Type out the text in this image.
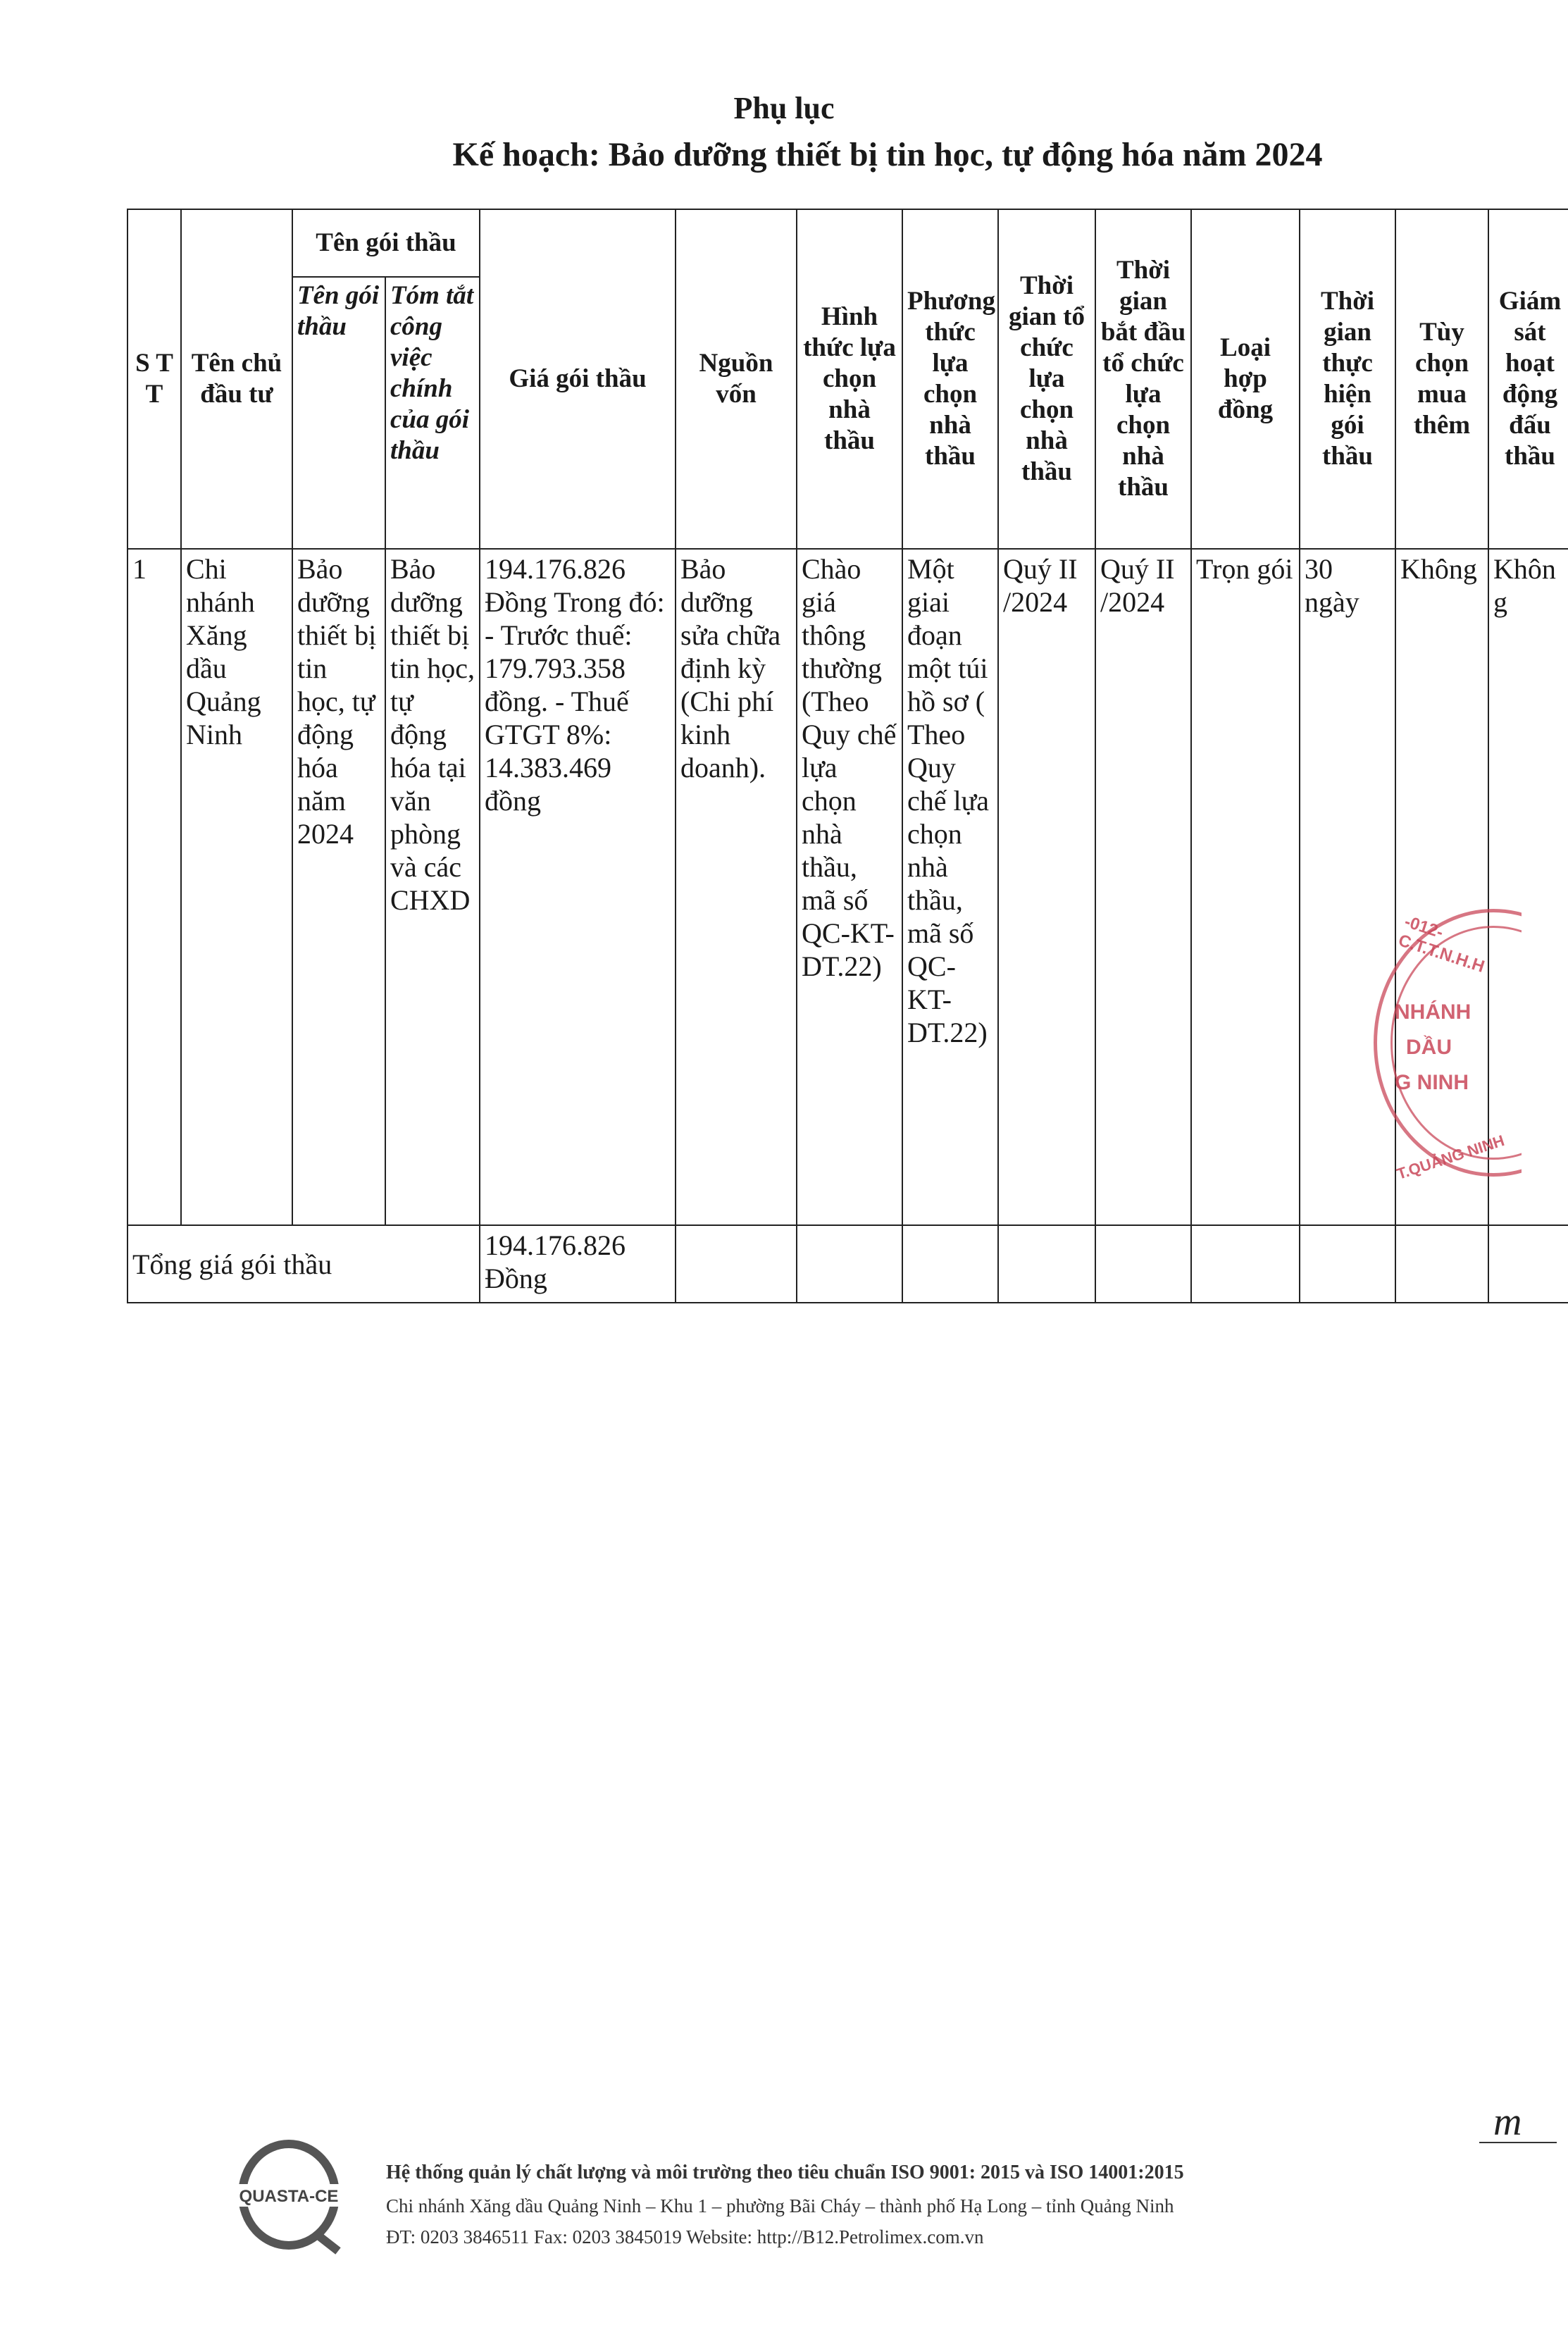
Phụ lục
Kế hoạch: Bảo dưỡng thiết bị tin học, tự động hóa năm 2024
S T T	Tên chủ đầu tư	Tên gói thầu		Giá gói thầu	Nguồn vốn	Hình thức lựa chọn nhà thầu	Phương thức lựa chọn nhà thầu	Thời gian tổ chức lựa chọn nhà thầu	Thời gian bắt đầu tổ chức lựa chọn nhà thầu	Loại hợp đồng	Thời gian thực hiện gói thầu	Tùy chọn mua thêm	Giám sát hoạt động đấu thầu
		Tên gói thầu	Tóm tắt công việc chính của gói thầu										
1	Chi nhánh Xăng dầu Quảng Ninh	Bảo dưỡng thiết bị tin học, tự động hóa năm 2024	Bảo dưỡng thiết bị tin học, tự động hóa tại văn phòng và các CHXD	194.176.826 Đồng Trong đó: - Trước thuế: 179.793.358 đồng. - Thuế GTGT 8%: 14.383.469 đồng	Bảo dưỡng sửa chữa định kỳ (Chi phí kinh doanh).	Chào giá thông thường (Theo Quy chế lựa chọn nhà thầu, mã số QC-KT-DT.22)	Một giai đoạn một túi hồ sơ ( Theo Quy chế lựa chọn nhà thầu, mã số QC-KT-DT.22)	Quý II /2024	Quý II /2024	Trọn gói	30 ngày	Không	Không
Tổng giá gói thầu				194.176.826 Đồng									
-012-C.T.T.N.H.H
NHÁNH
DẦU
G NINH
T.QUẢNG NINH
m
QUASTA-CE
Hệ thống quản lý chất lượng và môi trường theo tiêu chuẩn ISO 9001: 2015 và ISO 14001:2015
Chi nhánh Xăng dầu Quảng Ninh – Khu 1 – phường Bãi Cháy – thành phố Hạ Long – tỉnh Quảng Ninh
ĐT: 0203 3846511 Fax: 0203 3845019 Website: http://B12.Petrolimex.com.vn
